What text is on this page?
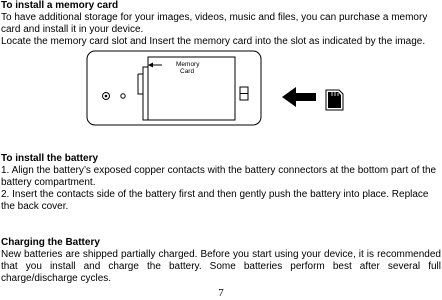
To install a memory card
To have additional storage for your images, videos, music and files, you can purchase a memory card and install it in your device.
Locate the memory card slot and Insert the memory card into the slot as indicated by the image.
Memory
Card
To install the battery
1. Align the battery’s exposed copper contacts with the battery connectors at the bottom part of the battery compartment.
2. Insert the contacts side of the battery first and then gently push the battery into place. Replace the back cover.
Charging the Battery
New batteries are shipped partially charged. Before you start using your device, it is recommended that you install and charge the battery. Some batteries perform best after several full charge/discharge cycles.
7
